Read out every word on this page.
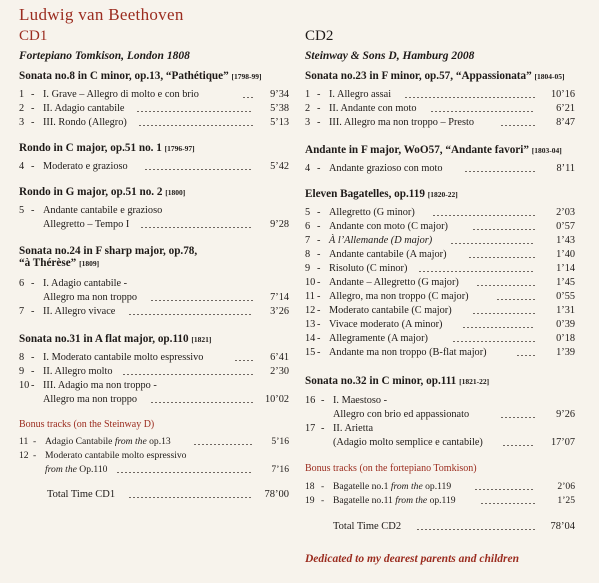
Ludwig van Beethoven
CD1
Fortepiano Tomkison, London 1808
Sonata no.8 in C minor, op.13, “Pathétique” [1798-99]
1 - I. Grave – Allegro di molto e con brio	9’34
2 - II. Adagio cantabile	5’38
3 - III. Rondo (Allegro)	5’13
Rondo in C major, op.51 no. 1 [1796-97]
4 - Moderato e grazioso	5’42
Rondo in G major, op.51 no. 2 [1800]
5 - Andante cantabile e grazioso
Allegretto – Tempo I	9’28
Sonata no.24 in F sharp major, op.78,
“à Thérèse” [1809]
6 - I. Adagio cantabile -
Allegro ma non troppo	7’14
7 - II. Allegro vivace	3’26
Sonata no.31 in A flat major, op.110 [1821]
8 - I. Moderato cantabile molto espressivo	6’41
9 - II. Allegro molto	2’30
10 - III. Adagio ma non troppo -
Allegro ma non troppo	10’02
Bonus tracks (on the Steinway D)
11 - Adagio Cantabile from the op.13	5’16
12 - Moderato cantabile molto espressivo
from the Op.110	7’16
Total Time CD1	78’00
CD2
Steinway & Sons D, Hamburg 2008
Sonata no.23 in F minor, op.57, “Appassionata” [1804-05]
1 - I. Allegro assai	10’16
2 - II. Andante con moto	6’21
3 - III. Allegro ma non troppo – Presto	8’47
Andante in F major, WoO57, “Andante favori” [1803-04]
4 - Andante grazioso con moto	8’11
Eleven Bagatelles, op.119 [1820-22]
5 - Allegretto (G minor)	2’03
6 - Andante con moto (C major)	0’57
7 - À l’Allemande (D major)	1’43
8 - Andante cantabile (A major)	1’40
9 - Risoluto (C minor)	1’14
10 - Andante – Allegretto (G major)	1’45
11 - Allegro, ma non troppo (C major)	0’55
12 - Moderato cantabile (C major)	1’31
13 - Vivace moderato (A minor)	0’39
14 - Allegramente (A major)	0’18
15 - Andante ma non troppo (B-flat major)	1’39
Sonata no.32 in C minor, op.111 [1821-22]
16 - I. Maestoso -
Allegro con brio ed appassionato	9’26
17 - II. Arietta
(Adagio molto semplice e cantabile)	17’07
Bonus tracks (on the fortepiano Tomkison)
18 - Bagatelle no.1 from the op.119	2’06
19 - Bagatelle no.11 from the op.119	1’25
Total Time CD2	78’04
Dedicated to my dearest parents and children
